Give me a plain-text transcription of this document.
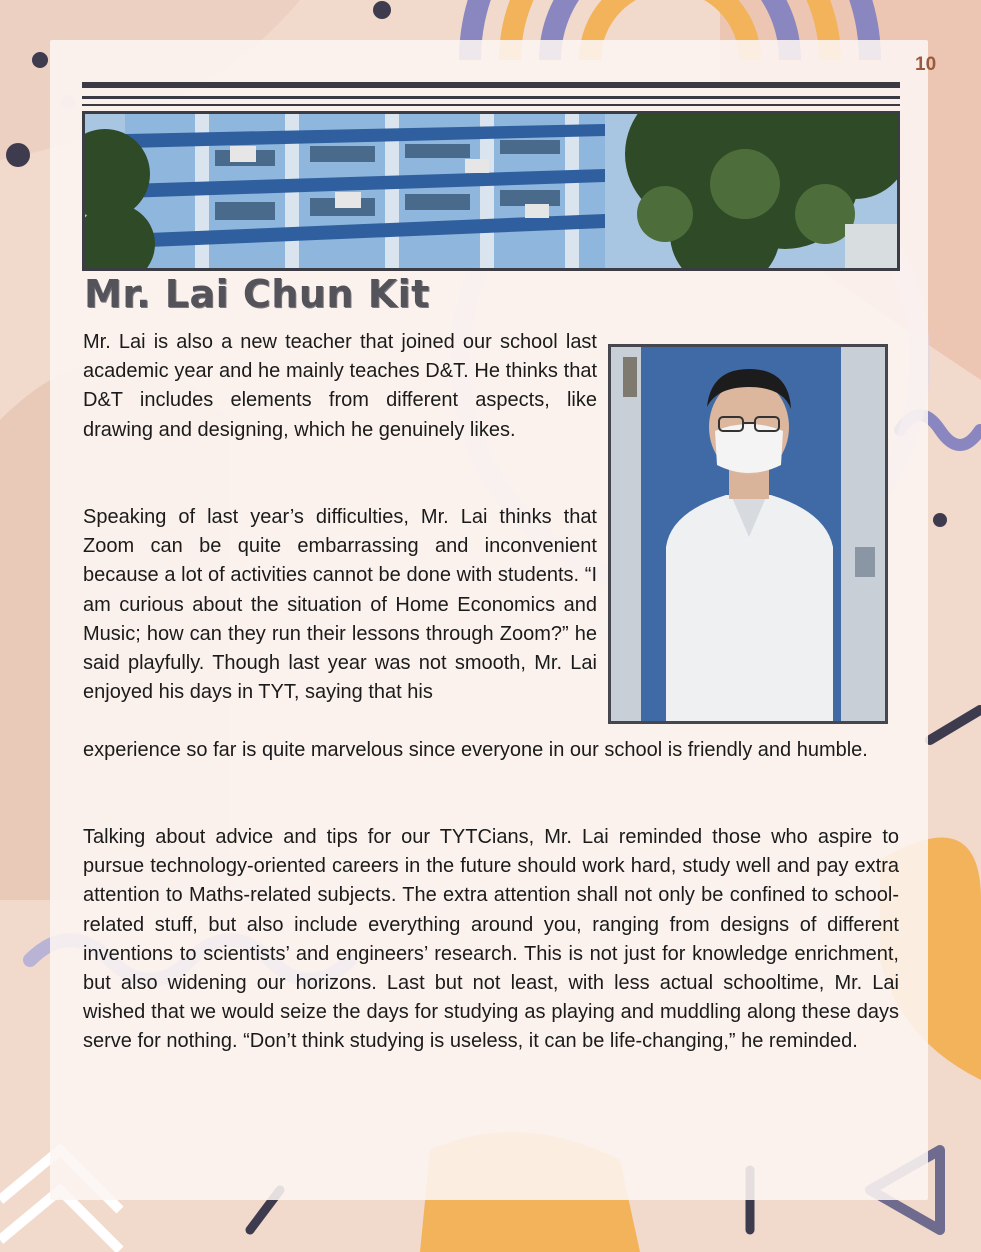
10
Mr. Lai Chun Kit

Mr. Lai is also a new teacher that joined our school last academic year and he mainly teaches D&T. He thinks that D&T includes elements from different aspects, like drawing and designing, which he genuinely likes.

Speaking of last year’s difficulties, Mr. Lai thinks that Zoom can be quite embarrassing and inconvenient because a lot of activities cannot be done with students. “I am curious about the situation of Home Economics and Music; how can they run their lessons through Zoom?” he said playfully. Though last year was not smooth, Mr. Lai enjoyed his days in TYT, saying that his

experience so far is quite marvelous since everyone in our school is friendly and humble.

Talking about advice and tips for our TYTCians, Mr. Lai reminded those who aspire to pursue technology-oriented careers in the future should work hard, study well and pay extra attention to Maths-related subjects. The extra attention shall not only be confined to school-related stuff, but also include everything around you, ranging from designs of different inventions to scientists’ and engineers’ research. This is not just for knowledge enrichment, but also widening our horizons. Last but not least, with less actual schooltime, Mr. Lai wished that we would seize the days for studying as playing and muddling along these days serve for nothing. “Don’t think studying is useless, it can be life-changing,” he reminded.
